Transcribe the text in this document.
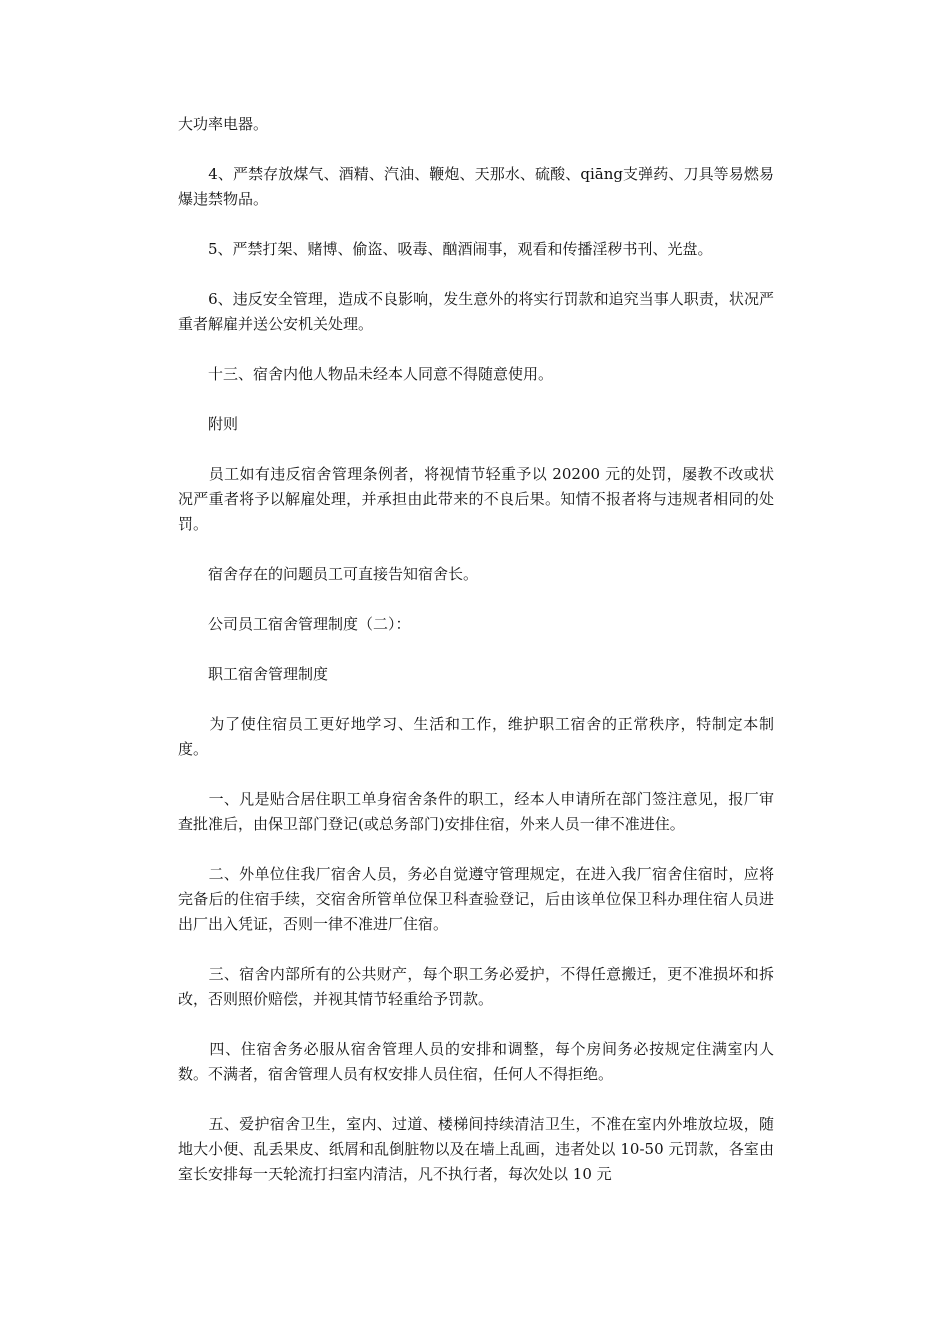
大功率电器。

　　4、严禁存放煤气、酒精、汽油、鞭炮、天那水、硫酸、qiāng支弹药、刀具等易燃易爆违禁物品。

　　5、严禁打架、赌博、偷盗、吸毒、酗酒闹事，观看和传播淫秽书刊、光盘。

　　6、违反安全管理，造成不良影响，发生意外的将实行罚款和追究当事人职责，状况严重者解雇并送公安机关处理。

　　十三、宿舍内他人物品未经本人同意不得随意使用。

　　附则

　　员工如有违反宿舍管理条例者，将视情节轻重予以 20200 元的处罚，屡教不改或状况严重者将予以解雇处理，并承担由此带来的不良后果。知情不报者将与违规者相同的处罚。

　　宿舍存在的问题员工可直接告知宿舍长。

　　公司员工宿舍管理制度（二）：

　　职工宿舍管理制度

　　为了使住宿员工更好地学习、生活和工作，维护职工宿舍的正常秩序，特制定本制度。

　　一、凡是贴合居住职工单身宿舍条件的职工，经本人申请所在部门签注意见，报厂审查批准后，由保卫部门登记(或总务部门)安排住宿，外来人员一律不准进住。

　　二、外单位住我厂宿舍人员，务必自觉遵守管理规定，在进入我厂宿舍住宿时，应将完备后的住宿手续，交宿舍所管单位保卫科查验登记，后由该单位保卫科办理住宿人员进出厂出入凭证，否则一律不准进厂住宿。

　　三、宿舍内部所有的公共财产，每个职工务必爱护，不得任意搬迁，更不准损坏和拆改，否则照价赔偿，并视其情节轻重给予罚款。

　　四、住宿舍务必服从宿舍管理人员的安排和调整，每个房间务必按规定住满室内人数。不满者，宿舍管理人员有权安排人员住宿，任何人不得拒绝。

　　五、爱护宿舍卫生，室内、过道、楼梯间持续清洁卫生，不准在室内外堆放垃圾，随地大小便、乱丢果皮、纸屑和乱倒脏物以及在墙上乱画，违者处以 10-50 元罚款，各室由室长安排每一天轮流打扫室内清洁，凡不执行者，每次处以 10 元
